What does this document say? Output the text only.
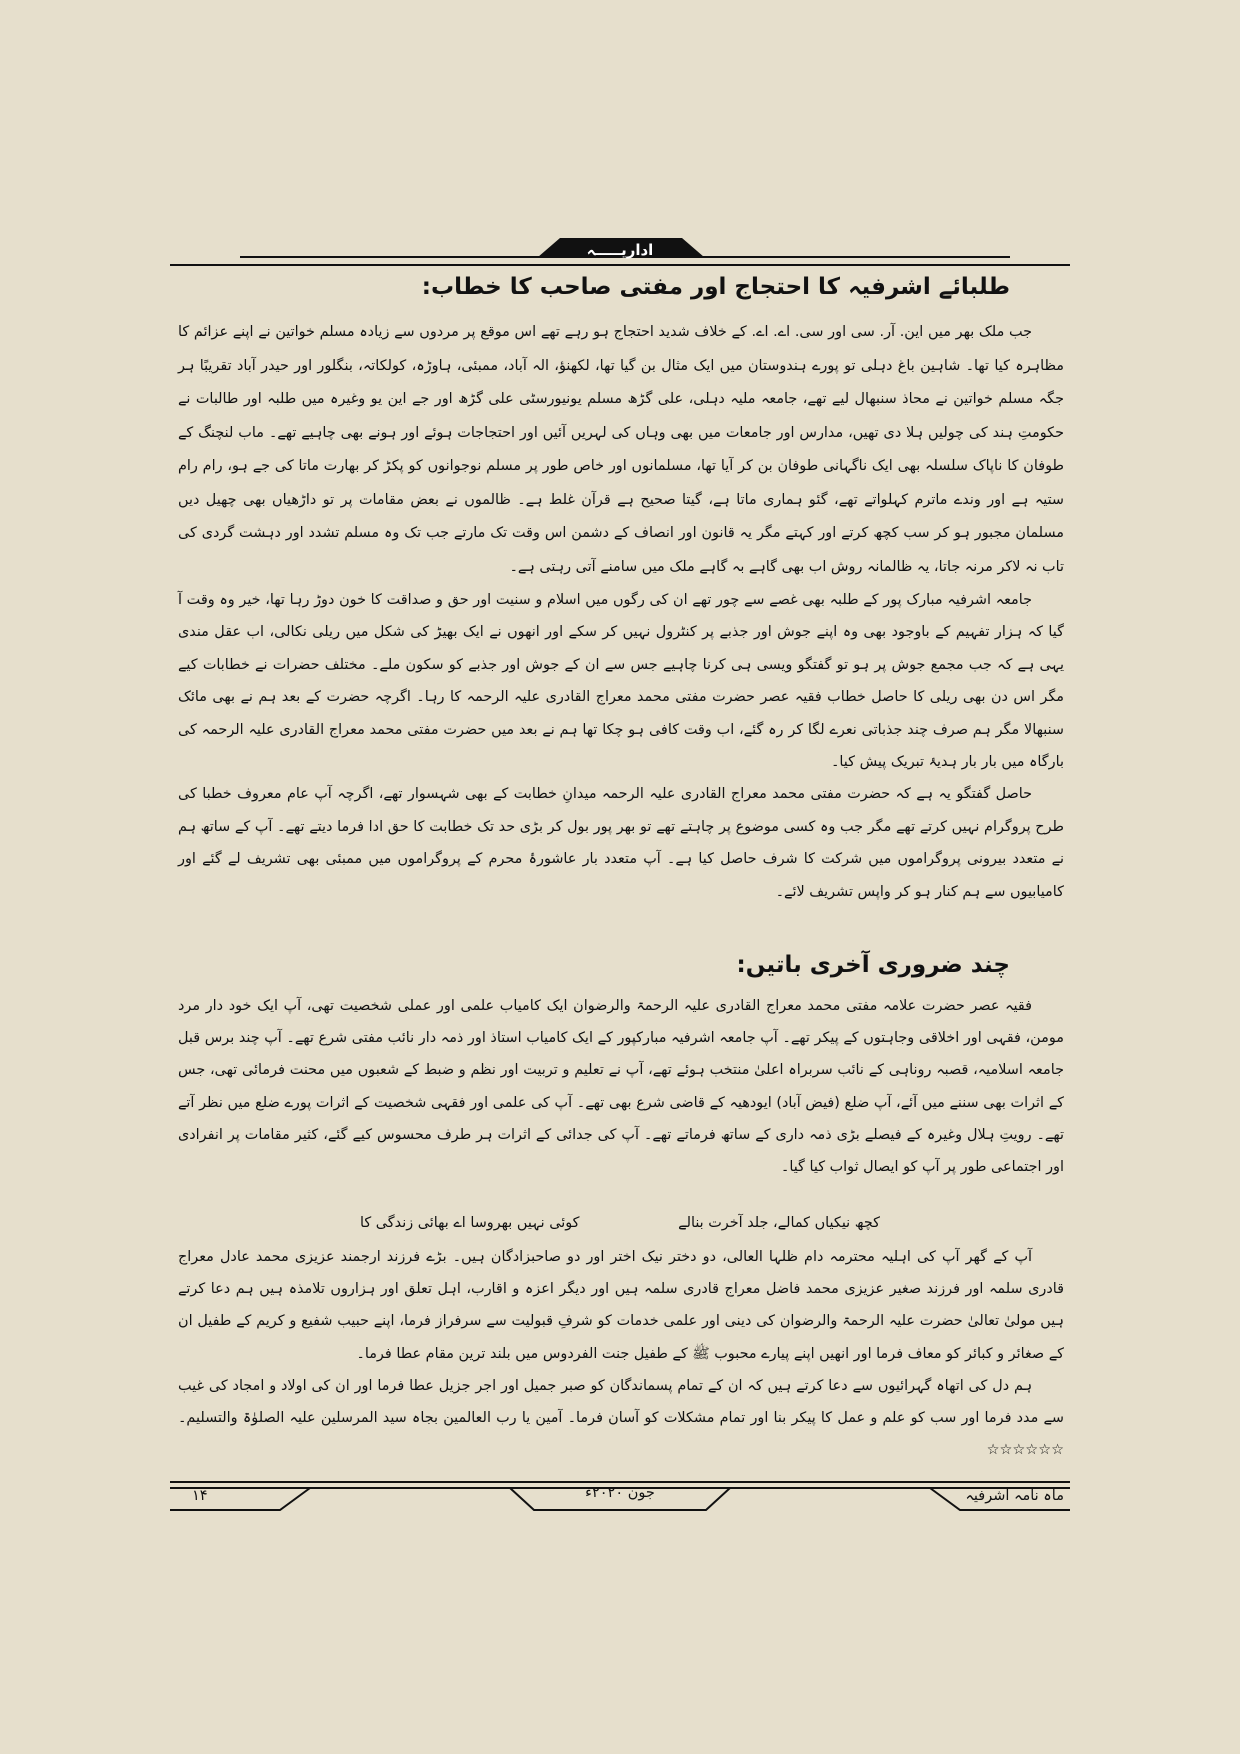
اداریـــــہ
طلبائے اشرفیہ کا احتجاج اور مفتی صاحب کا خطاب:

جب ملک بھر میں این. آر. سی اور سی. اے. اے. کے خلاف شدید احتجاج ہو رہے تھے اس موقع پر مردوں سے زیادہ مسلم خواتین نے اپنے عزائم کا مظاہرہ کیا تھا۔ شاہین باغ دہلی تو پورے ہندوستان میں ایک مثال بن گیا تھا، لکھنؤ، الہ آباد، ممبئی، ہاوڑہ، کولکاتہ، بنگلور اور حیدر آباد تقریبًا ہر جگہ مسلم خواتین نے محاذ سنبھال لیے تھے، جامعہ ملیہ دہلی، علی گڑھ مسلم یونیورسٹی علی گڑھ اور جے این یو وغیرہ میں طلبہ اور طالبات نے حکومتِ ہند کی چولیں ہلا دی تھیں، مدارس اور جامعات میں بھی وہاں کی لہریں آئیں اور احتجاجات ہوئے اور ہونے بھی چاہیے تھے۔ ماب لنچنگ کے طوفان کا ناپاک سلسلہ بھی ایک ناگہانی طوفان بن کر آیا تھا، مسلمانوں اور خاص طور پر مسلم نوجوانوں کو پکڑ کر بھارت ماتا کی جے ہو، رام رام ستیہ ہے اور وندے ماترم کہلواتے تھے، گئو ہماری ماتا ہے، گیتا صحیح ہے قرآن غلط ہے۔ ظالموں نے بعض مقامات پر تو داڑھیاں بھی چھیل دیں مسلمان مجبور ہو کر سب کچھ کرتے اور کہتے مگر یہ قانون اور انصاف کے دشمن اس وقت تک مارتے جب تک وہ مسلم تشدد اور دہشت گردی کی تاب نہ لاکر مرنہ جاتا، یہ ظالمانہ روش اب بھی گاہے بہ گاہے ملک میں سامنے آتی رہتی ہے۔

جامعہ اشرفیہ مبارک پور کے طلبہ بھی غصے سے چور تھے ان کی رگوں میں اسلام و سنیت اور حق و صداقت کا خون دوڑ رہا تھا، خیر وہ وقت آ گیا کہ ہزار تفہیم کے باوجود بھی وہ اپنے جوش اور جذبے پر کنٹرول نہیں کر سکے اور انھوں نے ایک بھیڑ کی شکل میں ریلی نکالی، اب عقل مندی یہی ہے کہ جب مجمع جوش پر ہو تو گفتگو ویسی ہی کرنا چاہیے جس سے ان کے جوش اور جذبے کو سکون ملے۔ مختلف حضرات نے خطابات کیے مگر اس دن بھی ریلی کا حاصل خطاب فقیہ عصر حضرت مفتی محمد معراج القادری علیہ الرحمہ کا رہا۔ اگرچہ حضرت کے بعد ہم نے بھی مائک سنبھالا مگر ہم صرف چند جذباتی نعرے لگا کر رہ گئے، اب وقت کافی ہو چکا تھا ہم نے بعد میں حضرت مفتی محمد معراج القادری علیہ الرحمہ کی بارگاہ میں بار بار ہدیۂ تبریک پیش کیا۔

حاصل گفتگو یہ ہے کہ حضرت مفتی محمد معراج القادری علیہ الرحمہ میدانِ خطابت کے بھی شہسوار تھے، اگرچہ آپ عام معروف خطبا کی طرح پروگرام نہیں کرتے تھے مگر جب وہ کسی موضوع پر چاہتے تھے تو بھر پور بول کر بڑی حد تک خطابت کا حق ادا فرما دیتے تھے۔ آپ کے ساتھ ہم نے متعدد بیرونی پروگراموں میں شرکت کا شرف حاصل کیا ہے۔ آپ متعدد بار عاشورۂ محرم کے پروگراموں میں ممبئی بھی تشریف لے گئے اور کامیابیوں سے ہم کنار ہو کر واپس تشریف لائے۔

چند ضروری آخری باتیں:

فقیہ عصر حضرت علامہ مفتی محمد معراج القادری علیہ الرحمۃ والرضوان ایک کامیاب علمی اور عملی شخصیت تھی، آپ ایک خود دار مرد مومن، فقہی اور اخلاقی وجاہتوں کے پیکر تھے۔ آپ جامعہ اشرفیہ مبارکپور کے ایک کامیاب استاذ اور ذمہ دار نائب مفتی شرع تھے۔ آپ چند برس قبل جامعہ اسلامیہ، قصبہ روناہی کے نائب سربراہ اعلیٰ منتخب ہوئے تھے، آپ نے تعلیم و تربیت اور نظم و ضبط کے شعبوں میں محنت فرمائی تھی، جس کے اثرات بھی سننے میں آئے، آپ ضلع (فیض آباد) ایودھیہ کے قاضی شرع بھی تھے۔ آپ کی علمی اور فقہی شخصیت کے اثرات پورے ضلع میں نظر آتے تھے۔ رویتِ ہلال وغیرہ کے فیصلے بڑی ذمہ داری کے ساتھ فرماتے تھے۔ آپ کی جدائی کے اثرات ہر طرف محسوس کیے گئے، کثیر مقامات پر انفرادی اور اجتماعی طور پر آپ کو ایصال ثواب کیا گیا۔

کچھ نیکیاں کمالے، جلد آخرت بنالے
کوئی نہیں بھروسا اے بھائی زندگی کا

آپ کے گھر آپ کی اہلیہ محترمہ دام ظلہا العالی، دو دختر نیک اختر اور دو صاحبزادگان ہیں۔ بڑے فرزند ارجمند عزیزی محمد عادل معراج قادری سلمہ اور فرزند صغیر عزیزی محمد فاضل معراج قادری سلمہ ہیں اور دیگر اعزہ و اقارب، اہل تعلق اور ہزاروں تلامذہ ہیں ہم دعا کرتے ہیں مولیٰ تعالیٰ حضرت علیہ الرحمۃ والرضوان کی دینی اور علمی خدمات کو شرفِ قبولیت سے سرفراز فرما، اپنے حبیب شفیع و کریم کے طفیل ان کے صغائر و کبائر کو معاف فرما اور انھیں اپنے پیارے محبوب ﷺ کے طفیل جنت الفردوس میں بلند ترین مقام عطا فرما۔

ہم دل کی اتھاہ گہرائیوں سے دعا کرتے ہیں کہ ان کے تمام پسماندگان کو صبر جمیل اور اجر جزیل عطا فرما اور ان کی اولاد و امجاد کی غیب سے مدد فرما اور سب کو علم و عمل کا پیکر بنا اور تمام مشکلات کو آسان فرما۔ آمین یا رب العالمین بجاہ سید المرسلین علیہ الصلوٰۃ والتسلیم۔ ☆☆☆☆☆☆

ماہ نامہ اشرفیہ
جون ۲۰۲۰ء
۱۴
